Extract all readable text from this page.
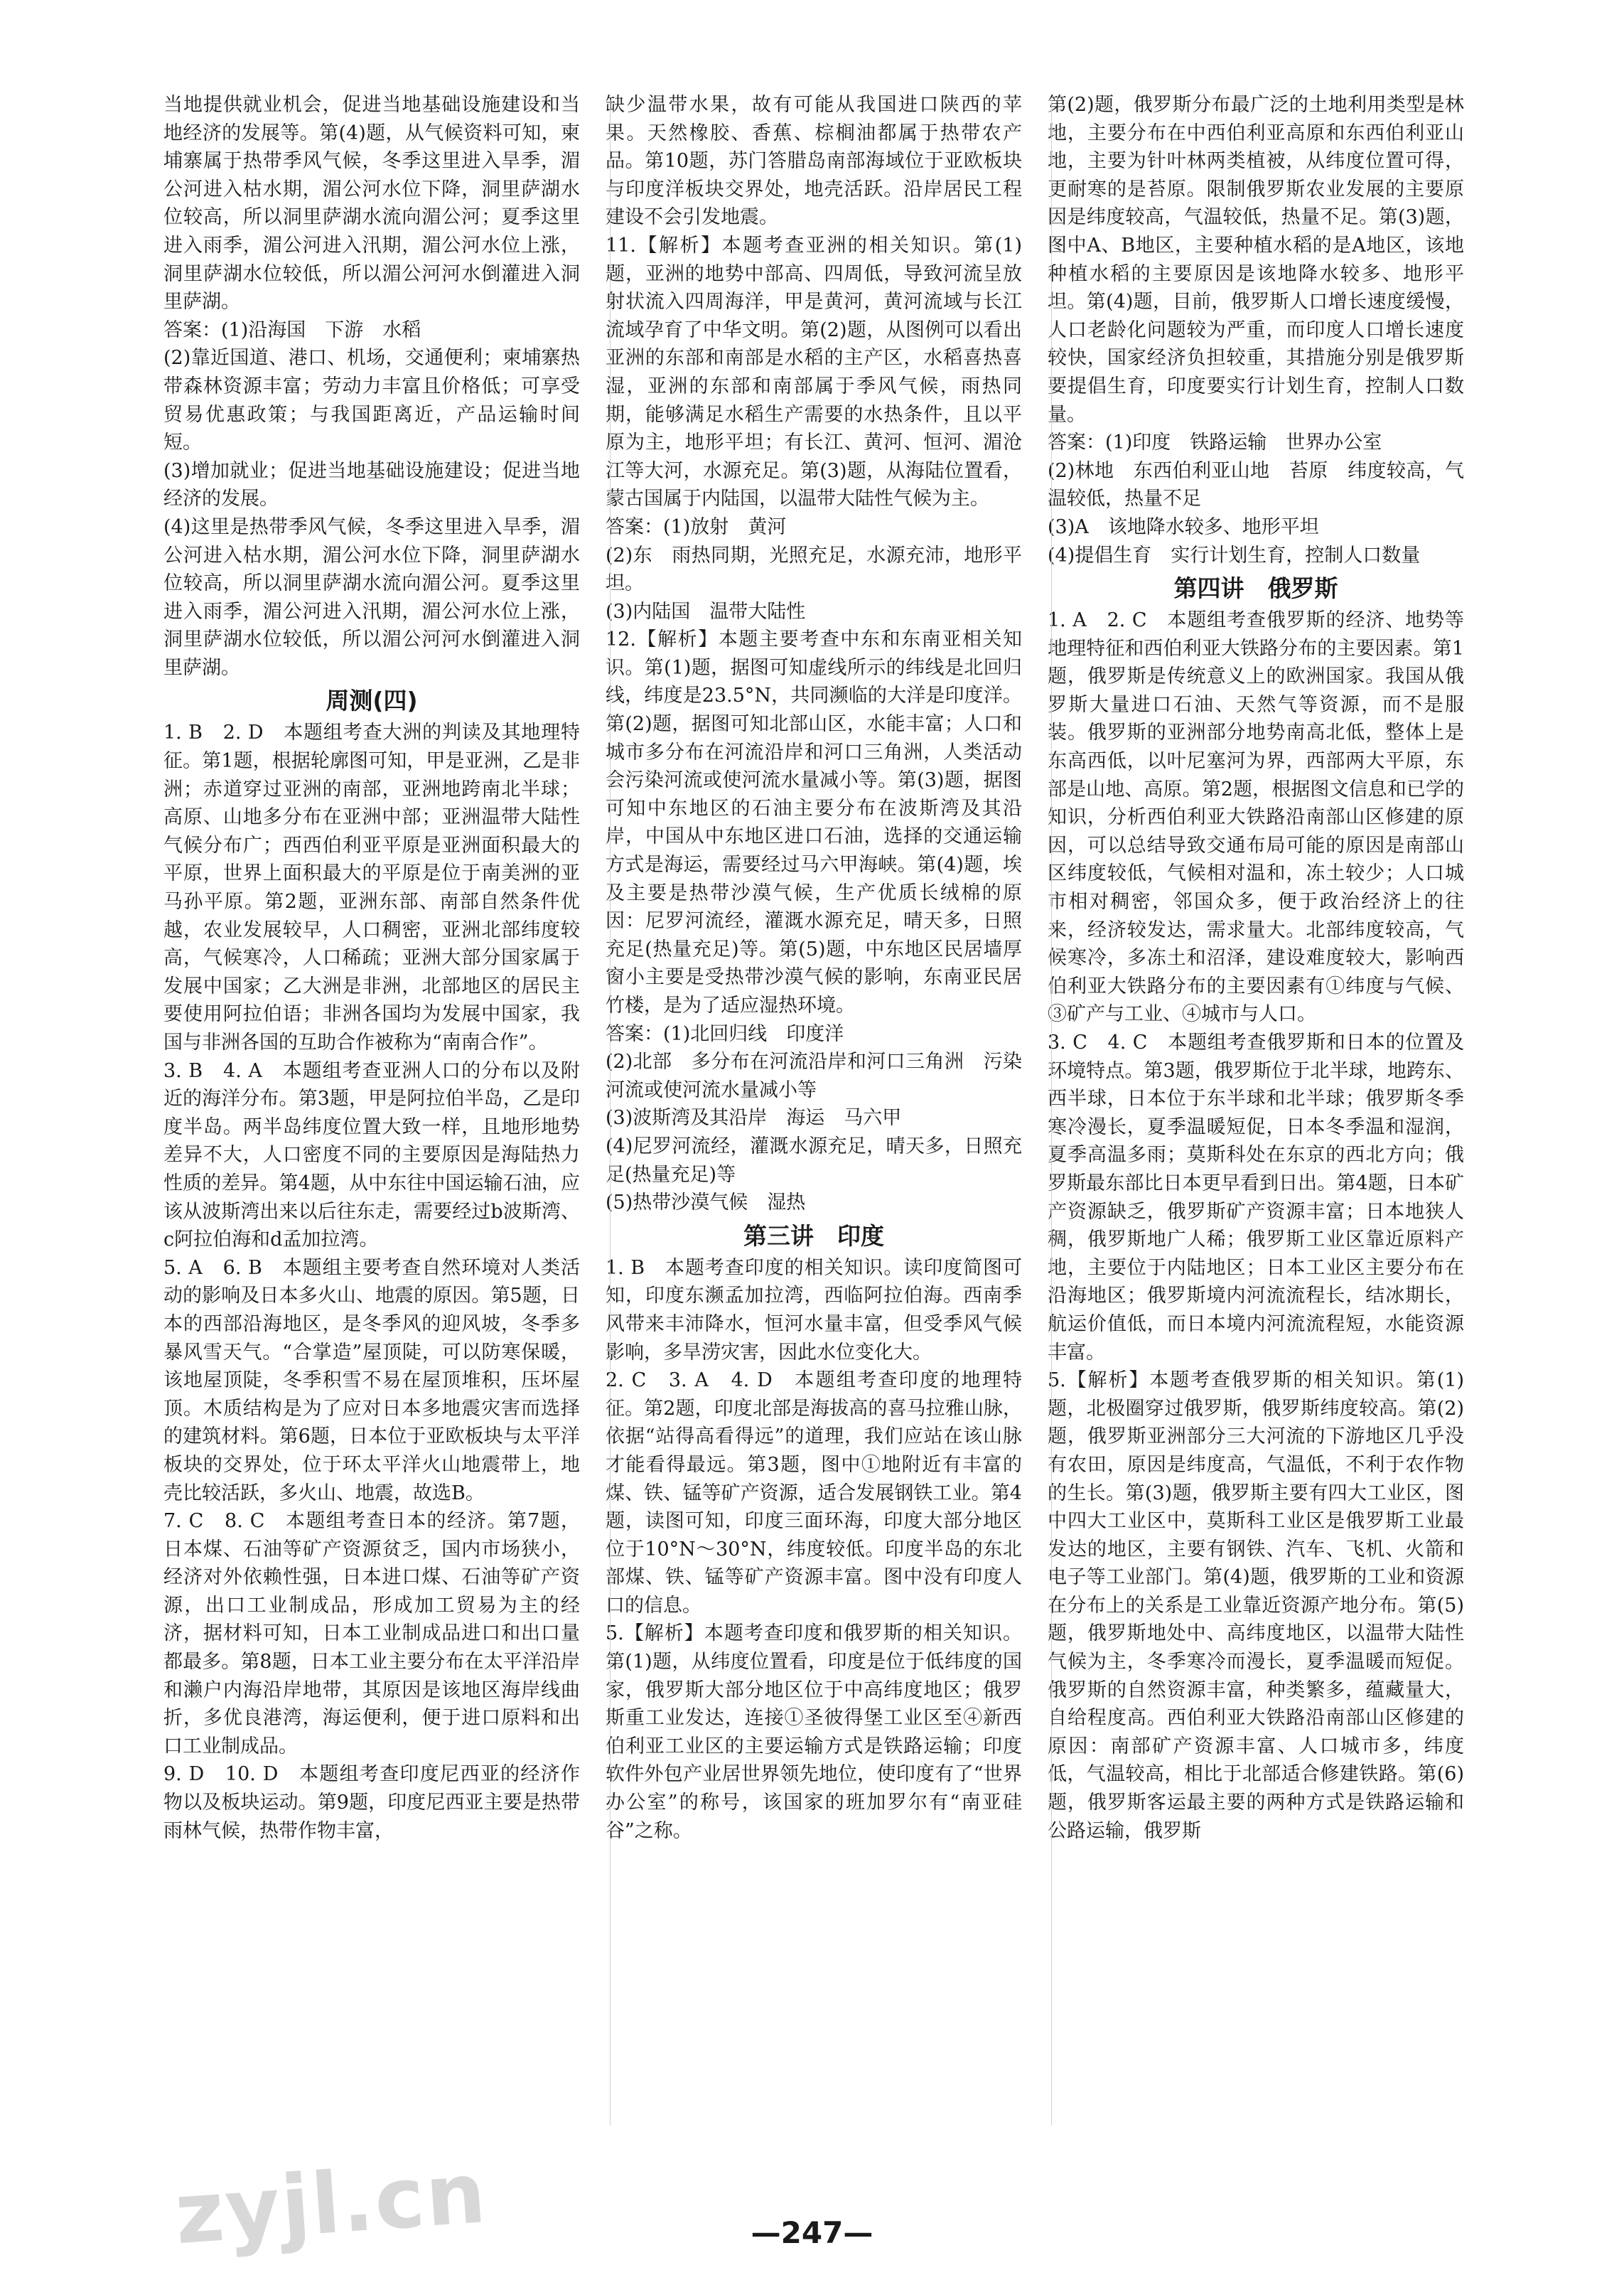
当地提供就业机会，促进当地基础设施建设和当地经济的发展等。第(4)题，从气候资料可知，柬埔寨属于热带季风气候，冬季这里进入旱季，湄公河进入枯水期，湄公河水位下降，洞里萨湖水位较高，所以洞里萨湖水流向湄公河；夏季这里进入雨季，湄公河进入汛期，湄公河水位上涨，洞里萨湖水位较低，所以湄公河河水倒灌进入洞里萨湖。

答案：(1)沿海国　下游　水稻

(2)靠近国道、港口、机场，交通便利；柬埔寨热带森林资源丰富；劳动力丰富且价格低；可享受贸易优惠政策；与我国距离近，产品运输时间短。

(3)增加就业；促进当地基础设施建设；促进当地经济的发展。

(4)这里是热带季风气候，冬季这里进入旱季，湄公河进入枯水期，湄公河水位下降，洞里萨湖水位较高，所以洞里萨湖水流向湄公河。夏季这里进入雨季，湄公河进入汛期，湄公河水位上涨，洞里萨湖水位较低，所以湄公河河水倒灌进入洞里萨湖。

周测(四)

1. B　2. D　本题组考查大洲的判读及其地理特征。第1题，根据轮廓图可知，甲是亚洲，乙是非洲；赤道穿过亚洲的南部，亚洲地跨南北半球；高原、山地多分布在亚洲中部；亚洲温带大陆性气候分布广；西西伯利亚平原是亚洲面积最大的平原，世界上面积最大的平原是位于南美洲的亚马孙平原。第2题，亚洲东部、南部自然条件优越，农业发展较早，人口稠密，亚洲北部纬度较高，气候寒冷，人口稀疏；亚洲大部分国家属于发展中国家；乙大洲是非洲，北部地区的居民主要使用阿拉伯语；非洲各国均为发展中国家，我国与非洲各国的互助合作被称为“南南合作”。

3. B　4. A　本题组考查亚洲人口的分布以及附近的海洋分布。第3题，甲是阿拉伯半岛，乙是印度半岛。两半岛纬度位置大致一样，且地形地势差异不大，人口密度不同的主要原因是海陆热力性质的差异。第4题，从中东往中国运输石油，应该从波斯湾出来以后往东走，需要经过b波斯湾、c阿拉伯海和d孟加拉湾。

5. A　6. B　本题组主要考查自然环境对人类活动的影响及日本多火山、地震的原因。第5题，日本的西部沿海地区，是冬季风的迎风坡，冬季多暴风雪天气。“合掌造”屋顶陡，可以防寒保暖，该地屋顶陡，冬季积雪不易在屋顶堆积，压坏屋顶。木质结构是为了应对日本多地震灾害而选择的建筑材料。第6题，日本位于亚欧板块与太平洋板块的交界处，位于环太平洋火山地震带上，地壳比较活跃，多火山、地震，故选B。

7. C　8. C　本题组考查日本的经济。第7题，日本煤、石油等矿产资源贫乏，国内市场狭小，经济对外依赖性强，日本进口煤、石油等矿产资源，出口工业制成品，形成加工贸易为主的经济，据材料可知，日本工业制成品进口和出口量都最多。第8题，日本工业主要分布在太平洋沿岸和濑户内海沿岸地带，其原因是该地区海岸线曲折，多优良港湾，海运便利，便于进口原料和出口工业制成品。

9. D　10. D　本题组考查印度尼西亚的经济作物以及板块运动。第9题，印度尼西亚主要是热带雨林气候，热带作物丰富，

缺少温带水果，故有可能从我国进口陕西的苹果。天然橡胶、香蕉、棕榈油都属于热带农产品。第10题，苏门答腊岛南部海域位于亚欧板块与印度洋板块交界处，地壳活跃。沿岸居民工程建设不会引发地震。

11.【解析】本题考查亚洲的相关知识。第(1)题，亚洲的地势中部高、四周低，导致河流呈放射状流入四周海洋，甲是黄河，黄河流域与长江流域孕育了中华文明。第(2)题，从图例可以看出亚洲的东部和南部是水稻的主产区，水稻喜热喜湿，亚洲的东部和南部属于季风气候，雨热同期，能够满足水稻生产需要的水热条件，且以平原为主，地形平坦；有长江、黄河、恒河、湄沧江等大河，水源充足。第(3)题，从海陆位置看，蒙古国属于内陆国，以温带大陆性气候为主。

答案：(1)放射　黄河

(2)东　雨热同期，光照充足，水源充沛，地形平坦。

(3)内陆国　温带大陆性

12.【解析】本题主要考查中东和东南亚相关知识。第(1)题，据图可知虚线所示的纬线是北回归线，纬度是23.5°N，共同濒临的大洋是印度洋。第(2)题，据图可知北部山区，水能丰富；人口和城市多分布在河流沿岸和河口三角洲，人类活动会污染河流或使河流水量减小等。第(3)题，据图可知中东地区的石油主要分布在波斯湾及其沿岸，中国从中东地区进口石油，选择的交通运输方式是海运，需要经过马六甲海峡。第(4)题，埃及主要是热带沙漠气候，生产优质长绒棉的原因：尼罗河流经，灌溉水源充足，晴天多，日照充足(热量充足)等。第(5)题，中东地区民居墙厚窗小主要是受热带沙漠气候的影响，东南亚民居竹楼，是为了适应湿热环境。

答案：(1)北回归线　印度洋

(2)北部　多分布在河流沿岸和河口三角洲　污染河流或使河流水量减小等

(3)波斯湾及其沿岸　海运　马六甲

(4)尼罗河流经，灌溉水源充足，晴天多，日照充足(热量充足)等

(5)热带沙漠气候　湿热

第三讲　印度

1. B　本题考查印度的相关知识。读印度简图可知，印度东濒孟加拉湾，西临阿拉伯海。西南季风带来丰沛降水，恒河水量丰富，但受季风气候影响，多旱涝灾害，因此水位变化大。

2. C　3. A　4. D　本题组考查印度的地理特征。第2题，印度北部是海拔高的喜马拉雅山脉，依据“站得高看得远”的道理，我们应站在该山脉才能看得最远。第3题，图中①地附近有丰富的煤、铁、锰等矿产资源，适合发展钢铁工业。第4题，读图可知，印度三面环海，印度大部分地区位于10°N～30°N，纬度较低。印度半岛的东北部煤、铁、锰等矿产资源丰富。图中没有印度人口的信息。

5.【解析】本题考查印度和俄罗斯的相关知识。第(1)题，从纬度位置看，印度是位于低纬度的国家，俄罗斯大部分地区位于中高纬度地区；俄罗斯重工业发达，连接①圣彼得堡工业区至④新西伯利亚工业区的主要运输方式是铁路运输；印度软件外包产业居世界领先地位，使印度有了“世界办公室”的称号，该国家的班加罗尔有“南亚硅谷”之称。

第(2)题，俄罗斯分布最广泛的土地利用类型是林地，主要分布在中西伯利亚高原和东西伯利亚山地，主要为针叶林两类植被，从纬度位置可得，更耐寒的是苔原。限制俄罗斯农业发展的主要原因是纬度较高，气温较低，热量不足。第(3)题，图中A、B地区，主要种植水稻的是A地区，该地种植水稻的主要原因是该地降水较多、地形平坦。第(4)题，目前，俄罗斯人口增长速度缓慢，人口老龄化问题较为严重，而印度人口增长速度较快，国家经济负担较重，其措施分别是俄罗斯要提倡生育，印度要实行计划生育，控制人口数量。

答案：(1)印度　铁路运输　世界办公室

(2)林地　东西伯利亚山地　苔原　纬度较高，气温较低，热量不足

(3)A　该地降水较多、地形平坦

(4)提倡生育　实行计划生育，控制人口数量

第四讲　俄罗斯

1. A　2. C　本题组考查俄罗斯的经济、地势等地理特征和西伯利亚大铁路分布的主要因素。第1题，俄罗斯是传统意义上的欧洲国家。我国从俄罗斯大量进口石油、天然气等资源，而不是服装。俄罗斯的亚洲部分地势南高北低，整体上是东高西低，以叶尼塞河为界，西部两大平原，东部是山地、高原。第2题，根据图文信息和已学的知识，分析西伯利亚大铁路沿南部山区修建的原因，可以总结导致交通布局可能的原因是南部山区纬度较低，气候相对温和，冻土较少；人口城市相对稠密，邻国众多，便于政治经济上的往来，经济较发达，需求量大。北部纬度较高，气候寒冷，多冻土和沼泽，建设难度较大，影响西伯利亚大铁路分布的主要因素有①纬度与气候、③矿产与工业、④城市与人口。

3. C　4. C　本题组考查俄罗斯和日本的位置及环境特点。第3题，俄罗斯位于北半球，地跨东、西半球，日本位于东半球和北半球；俄罗斯冬季寒冷漫长，夏季温暖短促，日本冬季温和湿润，夏季高温多雨；莫斯科处在东京的西北方向；俄罗斯最东部比日本更早看到日出。第4题，日本矿产资源缺乏，俄罗斯矿产资源丰富；日本地狭人稠，俄罗斯地广人稀；俄罗斯工业区靠近原料产地，主要位于内陆地区；日本工业区主要分布在沿海地区；俄罗斯境内河流流程长，结冰期长，航运价值低，而日本境内河流流程短，水能资源丰富。

5.【解析】本题考查俄罗斯的相关知识。第(1)题，北极圈穿过俄罗斯，俄罗斯纬度较高。第(2)题，俄罗斯亚洲部分三大河流的下游地区几乎没有农田，原因是纬度高，气温低，不利于农作物的生长。第(3)题，俄罗斯主要有四大工业区，图中四大工业区中，莫斯科工业区是俄罗斯工业最发达的地区，主要有钢铁、汽车、飞机、火箭和电子等工业部门。第(4)题，俄罗斯的工业和资源在分布上的关系是工业靠近资源产地分布。第(5)题，俄罗斯地处中、高纬度地区，以温带大陆性气候为主，冬季寒冷而漫长，夏季温暖而短促。俄罗斯的自然资源丰富，种类繁多，蕴藏量大，自给程度高。西伯利亚大铁路沿南部山区修建的原因：南部矿产资源丰富、人口城市多，纬度低，气温较高，相比于北部适合修建铁路。第(6)题，俄罗斯客运最主要的两种方式是铁路运输和公路运输，俄罗斯

zyjl.cn	—247—
